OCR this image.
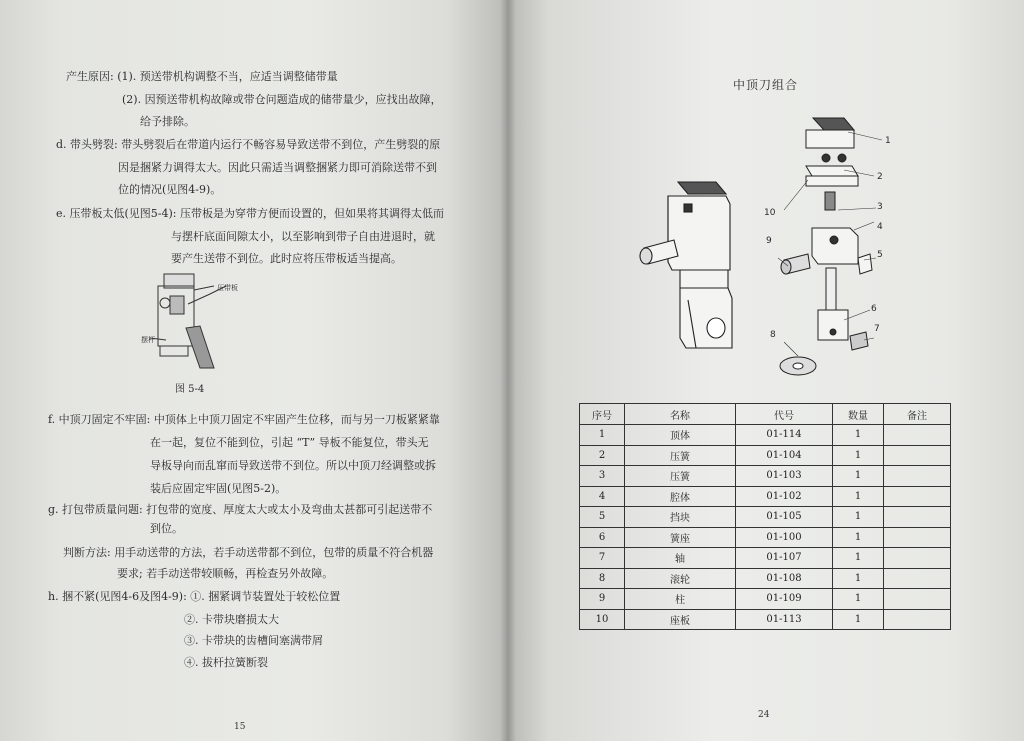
产生原因: (1). 预送带机构调整不当，应适当调整储带量
(2). 因预送带机构故障或带仓问题造成的储带量少，应找出故障，
给予排除。
d. 带头劈裂: 带头劈裂后在带道内运行不畅容易导致送带不到位，产生劈裂的原
因是捆紧力调得太大。因此只需适当调整捆紧力即可消除送带不到
位的情况(见图4-9)。
e. 压带板太低(见图5-4): 压带板是为穿带方便而设置的，但如果将其调得太低而
与摆杆底面间隙太小，以至影响到带子自由进退时，就
要产生送带不到位。此时应将压带板适当提高。
压带板
摆杆
图 5-4
f. 中顶刀固定不牢固: 中顶体上中顶刀固定不牢固产生位移，而与另一刀板紧紧靠
在一起，复位不能到位，引起 “T” 导板不能复位，带头无
导板导向而乱窜而导致送带不到位。所以中顶刀经调整或拆
装后应固定牢固(见图5-2)。
g. 打包带质量问题: 打包带的宽度、厚度太大或太小及弯曲太甚都可引起送带不
到位。
判断方法: 用手动送带的方法，若手动送带都不到位，包带的质量不符合机器
要求; 若手动送带较顺畅，再检查另外故障。
h. 捆不紧(见图4-6及图4-9): ①. 捆紧调节装置处于较松位置
②. 卡带块磨损太大
③. 卡带块的齿槽间塞满带屑
④. 拔杆拉簧断裂
15
中顶刀组合
1
2
3
4
5
6
7
8
9
10
序号	名称	代号	数量	备注
1	顶体	01-114	1	
2	压簧	01-104	1	
3	压簧	01-103	1	
4	腔体	01-102	1	
5	挡块	01-105	1	
6	簧座	01-100	1	
7	轴	01-107	1	
8	滚轮	01-108	1	
9	柱	01-109	1	
10	座板	01-113	1	
24
